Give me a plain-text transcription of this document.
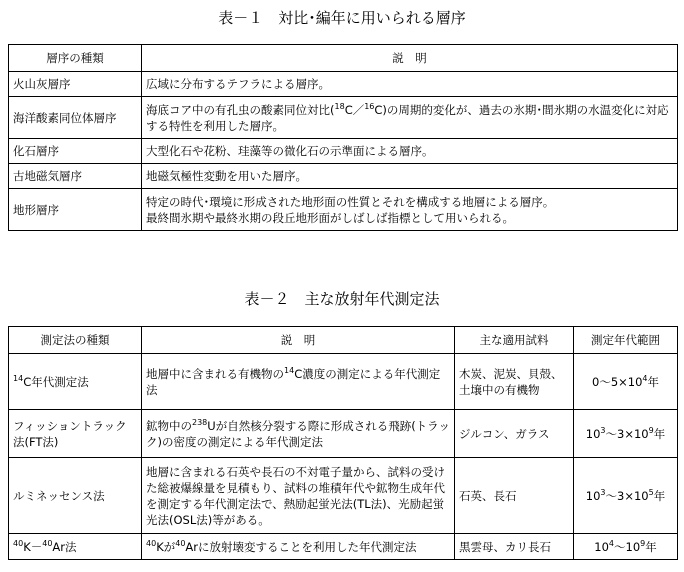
表－１　対比･編年に用いられる層序
層序の種類	説　明
火山灰層序	広域に分布するテフラによる層序。
海洋酸素同位体層序	海底コア中の有孔虫の酸素同位対比($^{18}$C／$^{16}$C)の周期的変化が、過去の氷期･間氷期の水温変化に対応する特性を利用した層序。
化石層序	大型化石や花粉、珪藻等の微化石の示準面による層序。
古地磁気層序	地磁気極性変動を用いた層序。
地形層序	特定の時代･環境に形成された地形面の性質とそれを構成する地層による層序。
最終間氷期や最終氷期の段丘地形面がしばしば指標として用いられる。
表－２　主な放射年代測定法
測定法の種類	説　明	主な適用試料	測定年代範囲
$^{14}$C年代測定法	地層中に含まれる有機物の$^{14}$C濃度の測定による年代測定法	木炭、泥炭、貝殻、土壌中の有機物	$0\sim 5\times 10^4$年
フィッショントラック法(FT法)	鉱物中の$^{238}$Uが自然核分裂する際に形成される飛跡(トラック)の密度の測定による年代測定法	ジルコン、ガラス	$10^3\sim 3\times 10^9$年
ルミネッセンス法	地層に含まれる石英や長石の不対電子量から、試料の受けた総被爆線量を見積もり、試料の堆積年代や鉱物生成年代を測定する年代測定法で、熱励起蛍光法(TL法)、光励起蛍光法(OSL法)等がある。	石英、長石	$10^3\sim 3\times 10^5$年
$^{40}$K－$^{40}$Ar法	$^{40}$Kが$^{40}$Arに放射壊変することを利用した年代測定法	黒雲母、カリ長石	$10^4\sim 10^9$年
